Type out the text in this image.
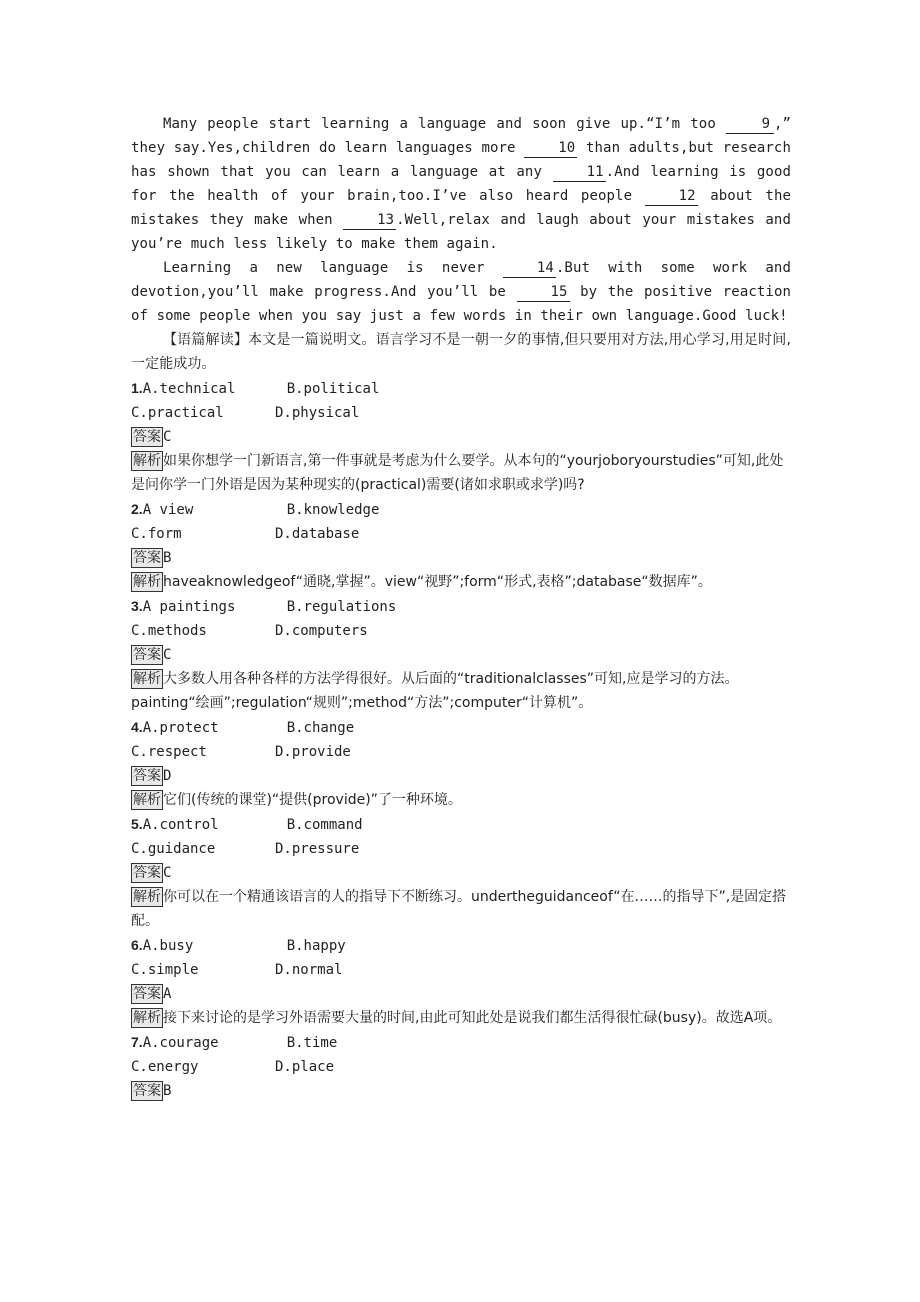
Many people start learning a language and soon give up.“I’m too	9 ,” they say.Yes,children do learn languages more 10 than adults,but research has shown that you can learn a language at any 11 .And learning is good for the health of your brain,too.I’ve also heard people 12 about the mistakes they make when 13 .Well,relax and laugh about your mistakes and you’re much less likely to make them again.

Learning a new language is never 14 .But with some work and devotion,you’ll make progress.And you’ll be 15 by the positive reaction of some people when you say just a few words in their own language.Good luck!

【语篇解读】本文是一篇说明文。语言学习不是一朝一夕的事情,但只要用对方法,用心学习,用足时间,一定能成功。

1.A.technical	B.political

C.practical	D.physical

答案 C

解析 如果你想学一门新语言,第一件事就是考虑为什么要学。从本句的“yourjoboryourstudies”可知,此处是问你学一门外语是因为某种现实的(practical)需要(诸如求职或求学)吗?

2.A view	B.knowledge

C.form	D.database

答案 B

解析 haveaknowledgeof“通晓,掌握”。view“视野”;form“形式,表格”;database“数据库”。

3.A paintings	B.regulations

C.methods	D.computers

答案 C

解析 大多数人用各种各样的方法学得很好。从后面的“traditionalclasses”可知,应是学习的方法。painting“绘画”;regulation“规则”;method“方法”;computer“计算机”。

4.A.protect	B.change

C.respect	D.provide

答案 D

解析 它们(传统的课堂)“提供(provide)”了一种环境。

5.A.control	B.command

C.guidance	D.pressure

答案 C

解析 你可以在一个精通该语言的人的指导下不断练习。undertheguidanceof“在……的指导下”,是固定搭配。

6.A.busy	B.happy

C.simple	D.normal

答案 A

解析 接下来讨论的是学习外语需要大量的时间,由此可知此处是说我们都生活得很忙碌(busy)。故选A项。

7.A.courage	B.time

C.energy	D.place

答案 B
